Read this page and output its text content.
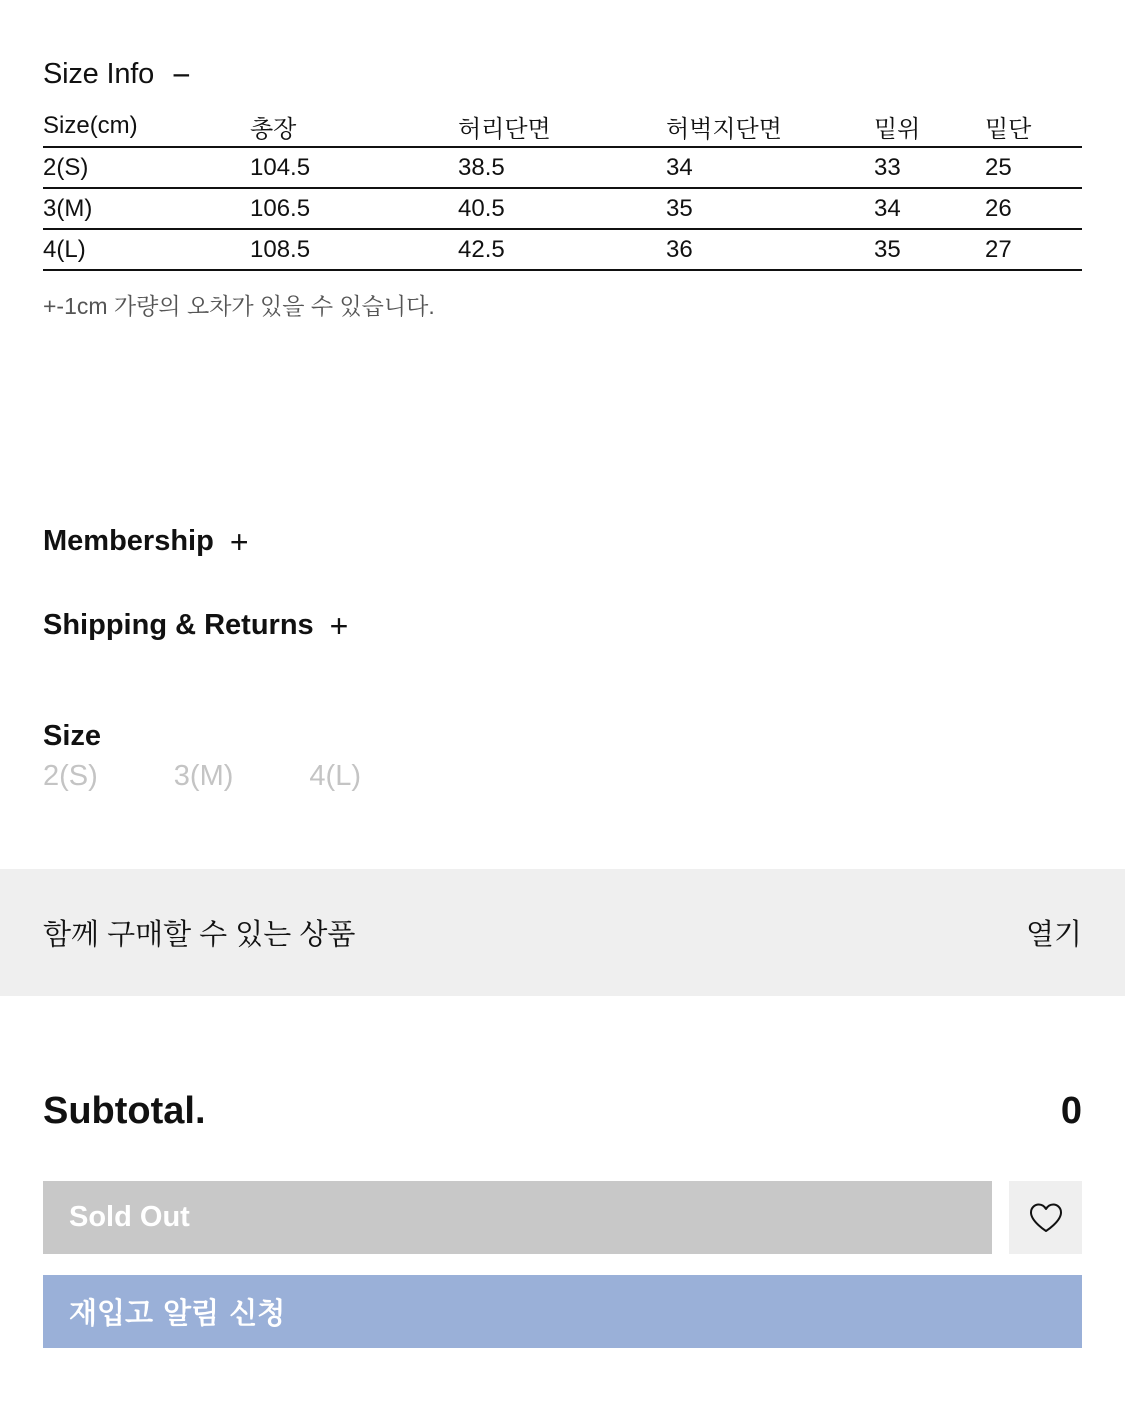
Size Info −
Size(cm)	총장	허리단면	허벅지단면	밑위	밑단
2(S)	104.5	38.5	34	33	25
3(M)	106.5	40.5	35	34	26
4(L)	108.5	42.5	36	35	27
+-1cm 가량의 오차가 있을 수 있습니다.
Membership +
Shipping & Returns +
Size
2(S)	3(M)	4(L)
함께 구매할 수 있는 상품	열기
Subtotal.	0
Sold Out
재입고 알림 신청
